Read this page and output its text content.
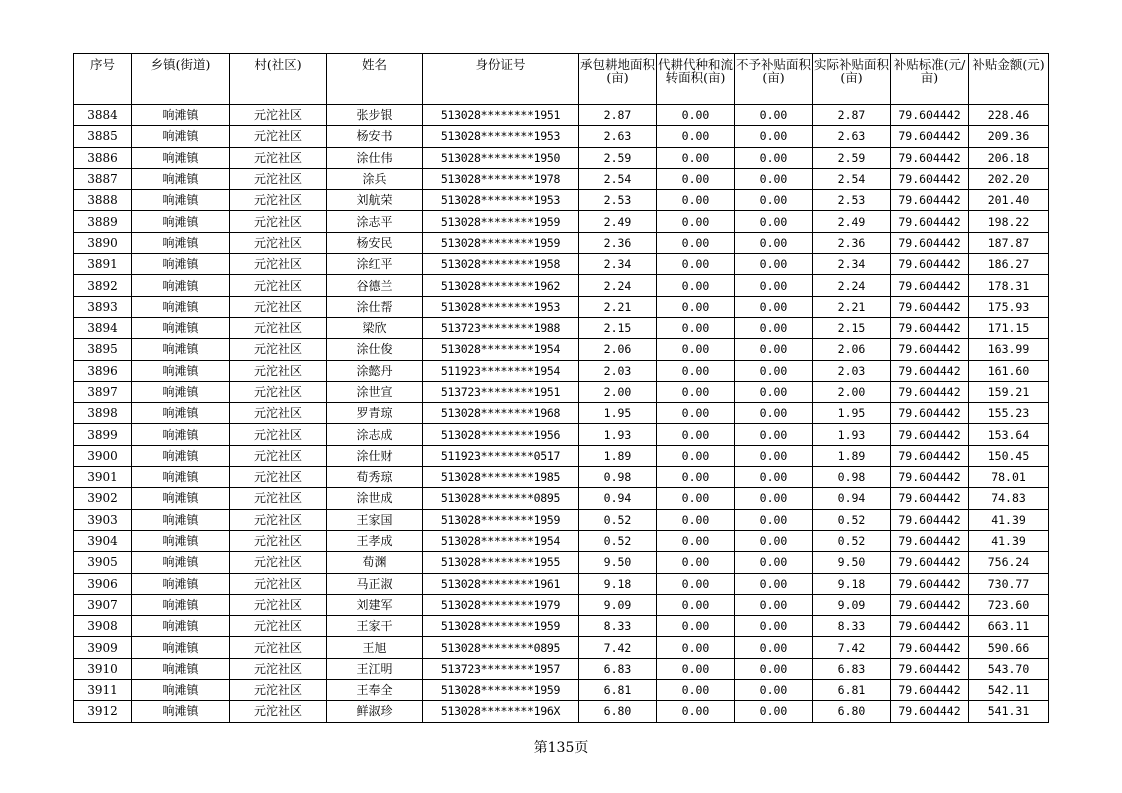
序号	乡镇(街道)	村(社区)	姓名	身份证号	承包耕地面积(亩)	代耕代种和流转面积(亩)	不予补贴面积(亩)	实际补贴面积(亩)	补贴标准(元/亩)	补贴金额(元)
3884	响滩镇	元沱社区	张步银	513028********1951	2.87	0.00	0.00	2.87	79.604442	228.46
3885	响滩镇	元沱社区	杨安书	513028********1953	2.63	0.00	0.00	2.63	79.604442	209.36
3886	响滩镇	元沱社区	涂仕伟	513028********1950	2.59	0.00	0.00	2.59	79.604442	206.18
3887	响滩镇	元沱社区	涂兵	513028********1978	2.54	0.00	0.00	2.54	79.604442	202.20
3888	响滩镇	元沱社区	刘航荣	513028********1953	2.53	0.00	0.00	2.53	79.604442	201.40
3889	响滩镇	元沱社区	涂志平	513028********1959	2.49	0.00	0.00	2.49	79.604442	198.22
3890	响滩镇	元沱社区	杨安民	513028********1959	2.36	0.00	0.00	2.36	79.604442	187.87
3891	响滩镇	元沱社区	涂红平	513028********1958	2.34	0.00	0.00	2.34	79.604442	186.27
3892	响滩镇	元沱社区	谷德兰	513028********1962	2.24	0.00	0.00	2.24	79.604442	178.31
3893	响滩镇	元沱社区	涂仕帮	513028********1953	2.21	0.00	0.00	2.21	79.604442	175.93
3894	响滩镇	元沱社区	梁欣	513723********1988	2.15	0.00	0.00	2.15	79.604442	171.15
3895	响滩镇	元沱社区	涂仕俊	513028********1954	2.06	0.00	0.00	2.06	79.604442	163.99
3896	响滩镇	元沱社区	涂懿丹	511923********1954	2.03	0.00	0.00	2.03	79.604442	161.60
3897	响滩镇	元沱社区	涂世宣	513723********1951	2.00	0.00	0.00	2.00	79.604442	159.21
3898	响滩镇	元沱社区	罗青琼	513028********1968	1.95	0.00	0.00	1.95	79.604442	155.23
3899	响滩镇	元沱社区	涂志成	513028********1956	1.93	0.00	0.00	1.93	79.604442	153.64
3900	响滩镇	元沱社区	涂仕财	511923********0517	1.89	0.00	0.00	1.89	79.604442	150.45
3901	响滩镇	元沱社区	荀秀琼	513028********1985	0.98	0.00	0.00	0.98	79.604442	78.01
3902	响滩镇	元沱社区	涂世成	513028********0895	0.94	0.00	0.00	0.94	79.604442	74.83
3903	响滩镇	元沱社区	王家国	513028********1959	0.52	0.00	0.00	0.52	79.604442	41.39
3904	响滩镇	元沱社区	王孝成	513028********1954	0.52	0.00	0.00	0.52	79.604442	41.39
3905	响滩镇	元沱社区	荀渊	513028********1955	9.50	0.00	0.00	9.50	79.604442	756.24
3906	响滩镇	元沱社区	马正淑	513028********1961	9.18	0.00	0.00	9.18	79.604442	730.77
3907	响滩镇	元沱社区	刘建军	513028********1979	9.09	0.00	0.00	9.09	79.604442	723.60
3908	响滩镇	元沱社区	王家干	513028********1959	8.33	0.00	0.00	8.33	79.604442	663.11
3909	响滩镇	元沱社区	王旭	513028********0895	7.42	0.00	0.00	7.42	79.604442	590.66
3910	响滩镇	元沱社区	王江明	513723********1957	6.83	0.00	0.00	6.83	79.604442	543.70
3911	响滩镇	元沱社区	王奉全	513028********1959	6.81	0.00	0.00	6.81	79.604442	542.11
3912	响滩镇	元沱社区	鲜淑珍	513028********196X	6.80	0.00	0.00	6.80	79.604442	541.31
第135页
